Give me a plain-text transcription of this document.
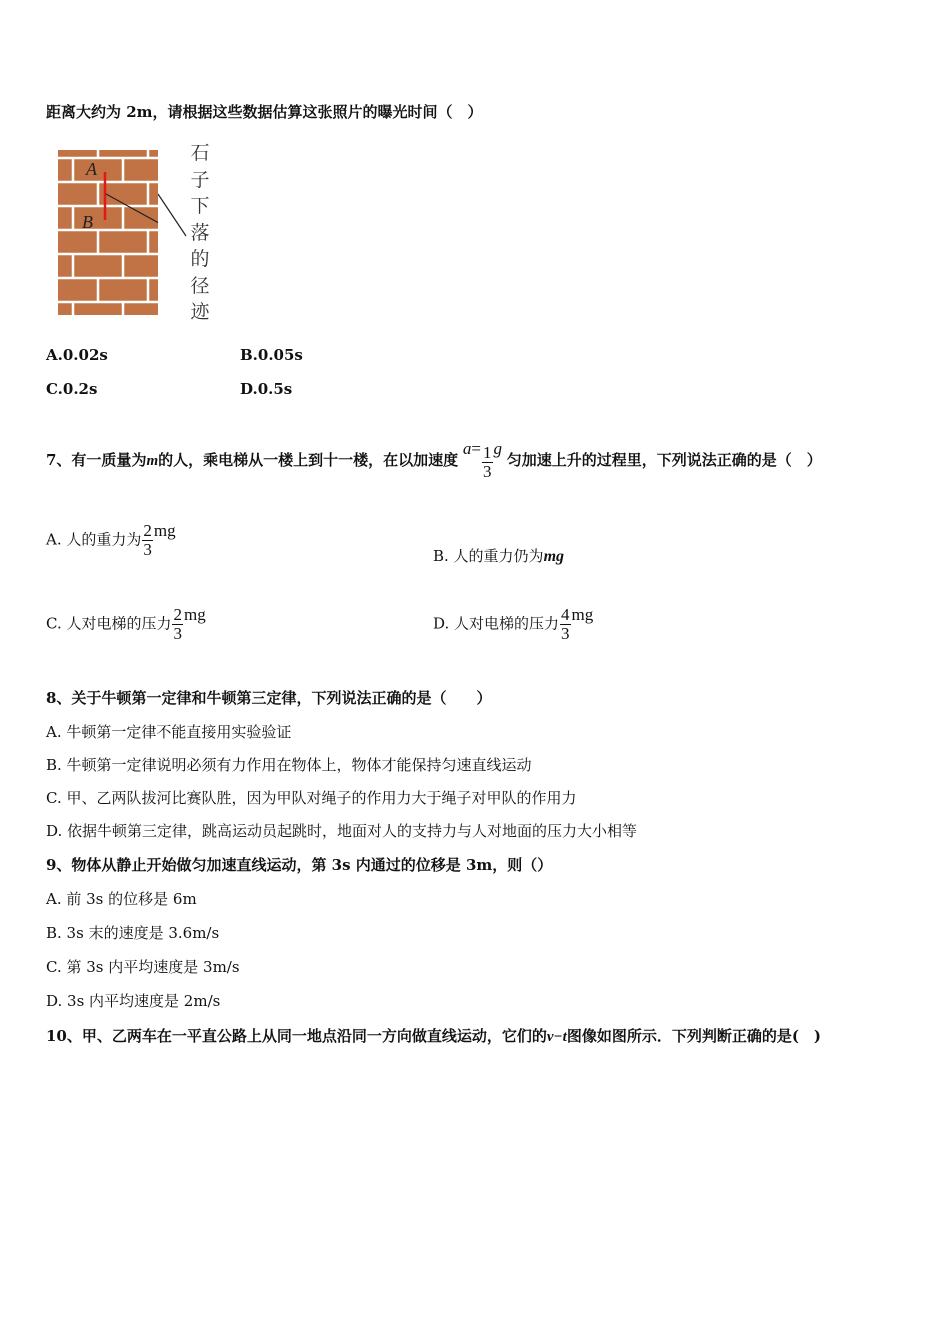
距离大约为 2m，请根据这些数据估算这张照片的曝光时间（　）
A
B
石
子
下
落
的
径
迹
A.0.02s	B.0.05s
C.0.2s	D.0.5s
7、有一质量为m的人，乘电梯从一楼上到十一楼，在以加速度 $a= \frac{1}{3}$ g 匀加速上升的过程里，下列说法正确的是（　）
A. 人的重力为 $\frac{2}{3}$ mg
B. 人的重力仍为mg
C. 人对电梯的压力 $\frac{2}{3}$ mg	D. 人对电梯的压力 $\frac{4}{3}$ mg
8、关于牛顿第一定律和牛顿第三定律，下列说法正确的是（　　）
A. 牛顿第一定律不能直接用实验验证
B. 牛顿第一定律说明必须有力作用在物体上，物体才能保持匀速直线运动
C. 甲、乙两队拔河比赛队胜，因为甲队对绳子的作用力大于绳子对甲队的作用力
D. 依据牛顿第三定律，跳高运动员起跳时，地面对人的支持力与人对地面的压力大小相等
9、物体从静止开始做匀加速直线运动，第 3s 内通过的位移是 3m，则（）
A. 前 3s 的位移是 6m
B. 3s 末的速度是 3.6m/s
C. 第 3s 内平均速度是 3m/s
D. 3s 内平均速度是 2m/s
10、甲、乙两车在一平直公路上从同一地点沿同一方向做直线运动，它们的v−t图像如图所示．下列判断正确的是(　)
